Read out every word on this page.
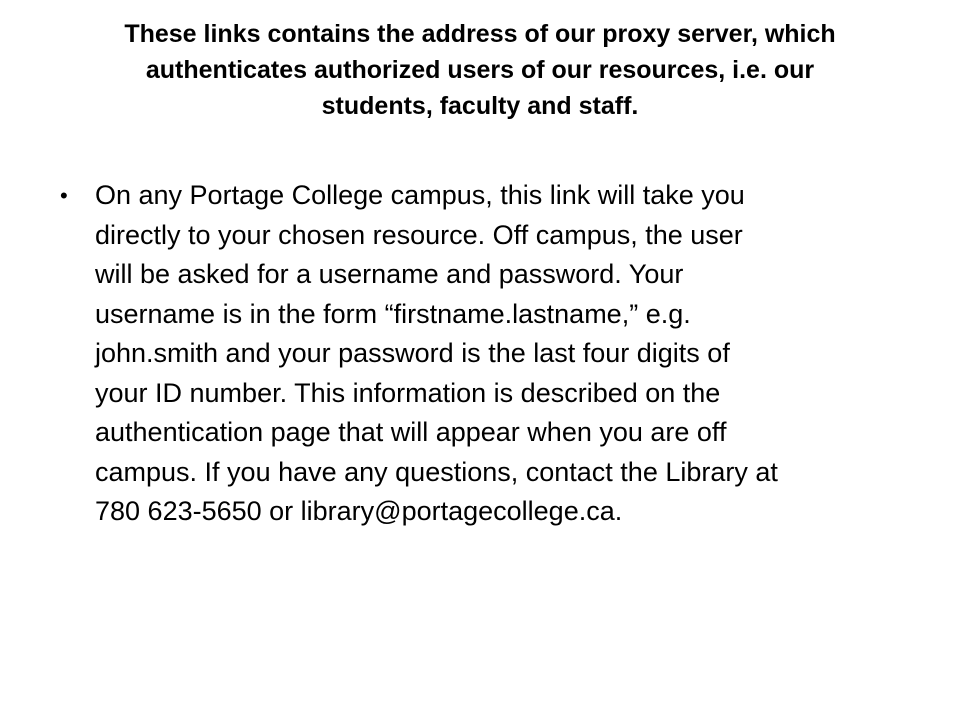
These links contains the address of our proxy server, which
authenticates authorized users of our resources, i.e. our
students, faculty and staff.
• On any Portage College campus, this link will take you
directly to your chosen resource. Off campus, the user
will be asked for a username and password. Your
username is in the form “firstname.lastname,” e.g.
john.smith and your password is the last four digits of
your ID number. This information is described on the
authentication page that will appear when you are off
campus. If you have any questions, contact the Library at
780 623-5650 or library@portagecollege.ca.
